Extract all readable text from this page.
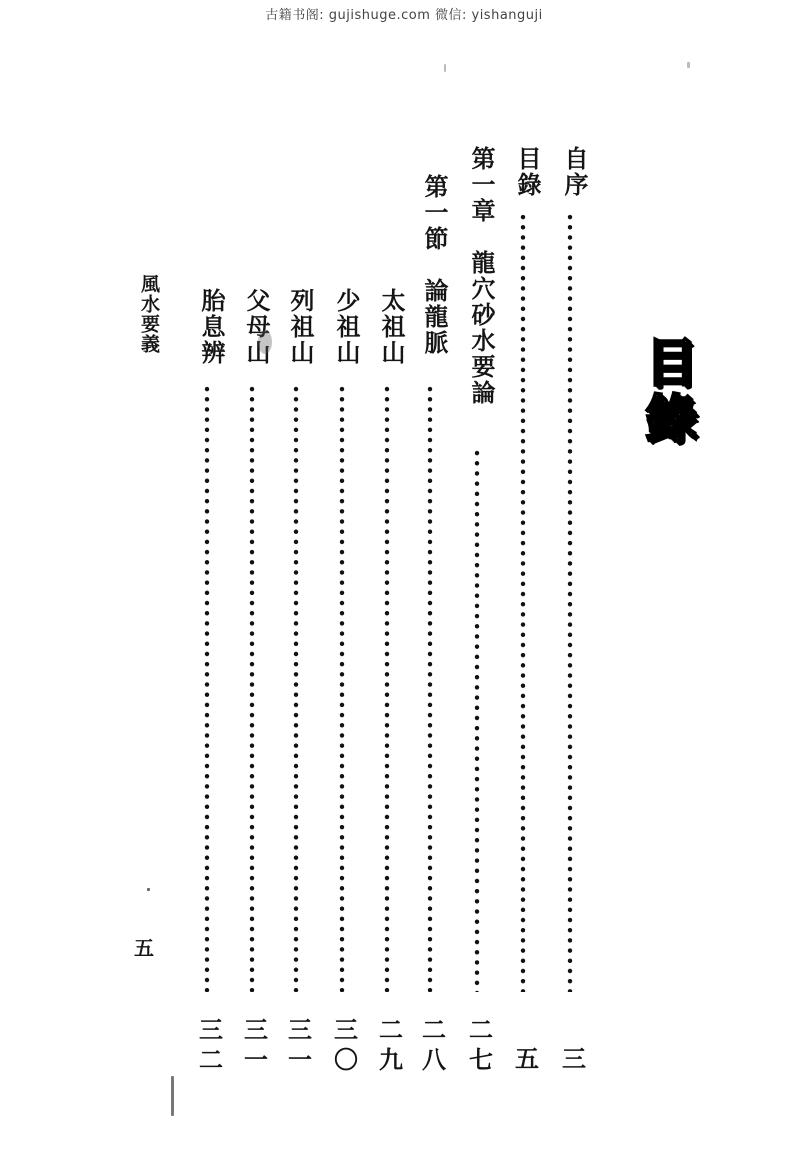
古籍书阁: gujishuge.com 微信: yishanguji
目
錄
自序
三
目錄
五
第一章　龍穴砂水要論
二
七
第一節　論龍脈
二
八
太祖山
二
九
少祖山
三
〇
列祖山
三
一
父母山
三
一
胎息辨
三
二
風水要義
五
